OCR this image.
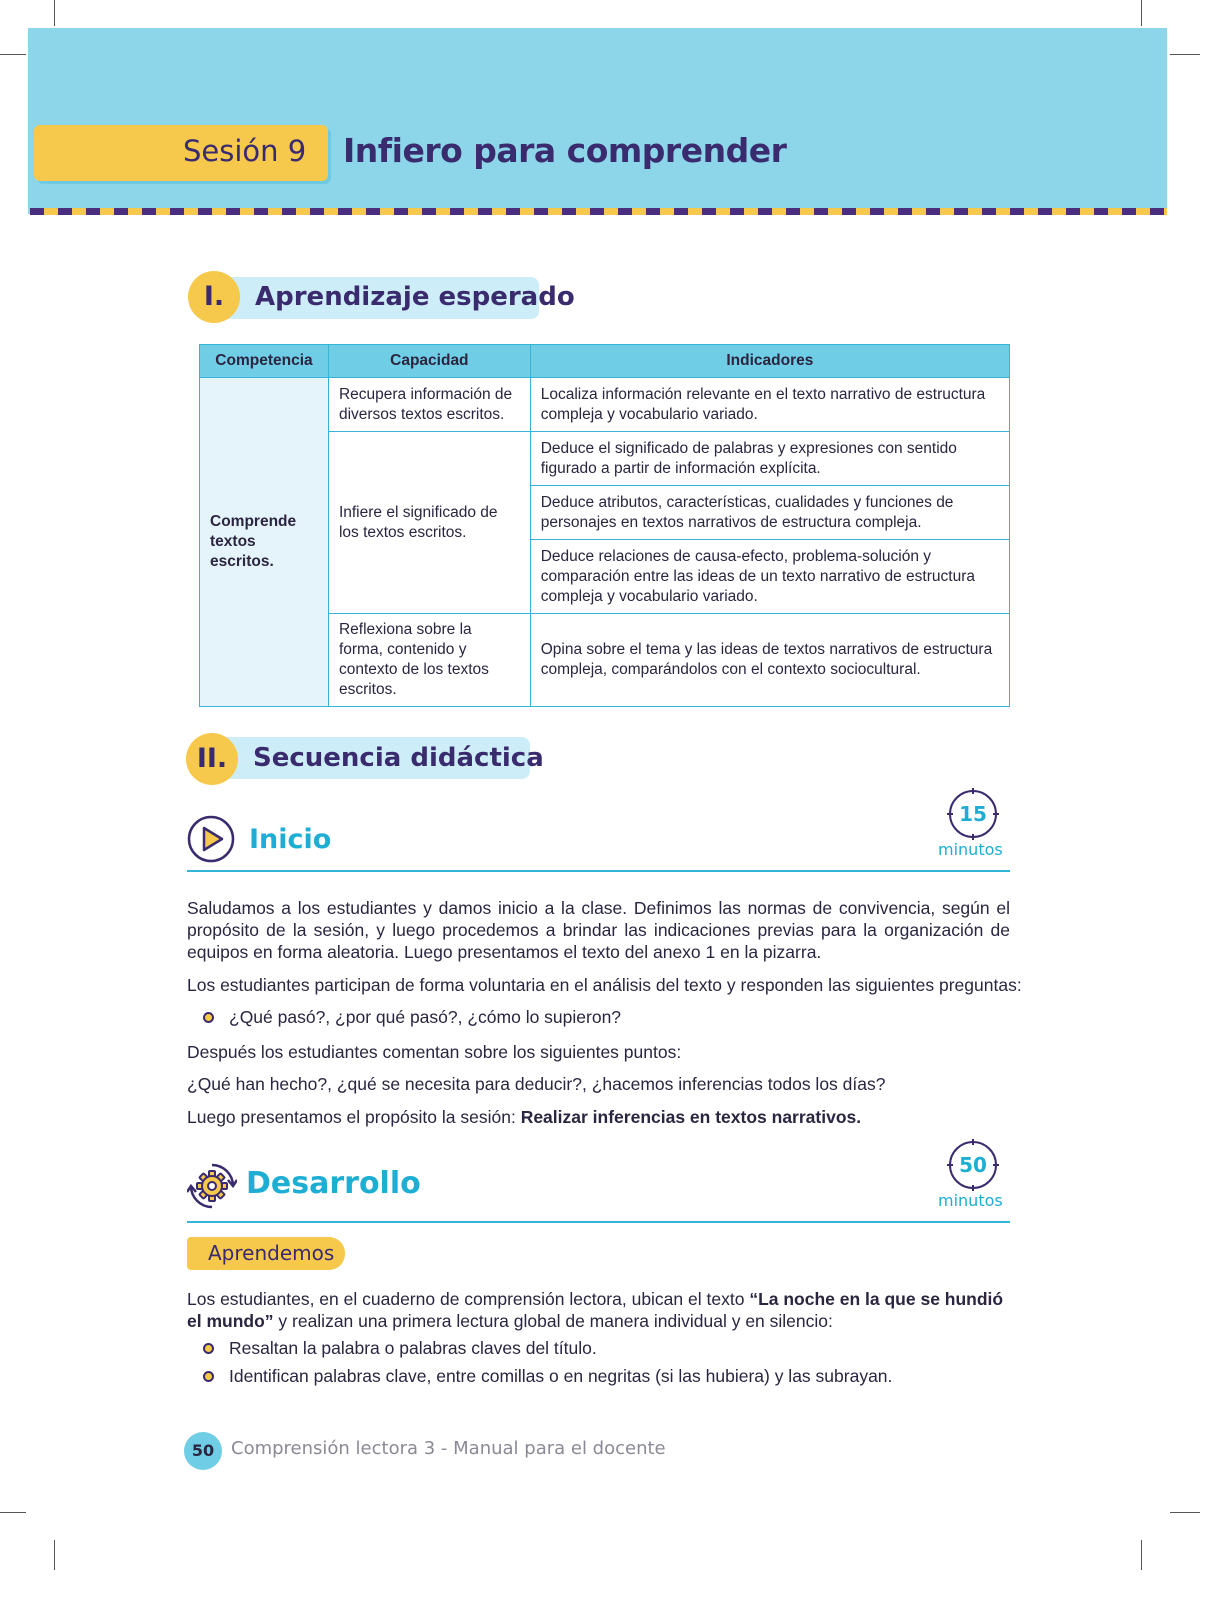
Sesión 9 Infiero para comprender
I.	Aprendizaje esperado
Competencia	Capacidad	Indicadores
Comprende textos escritos.	Recupera información de diversos textos escritos.	Localiza información relevante en el texto narrativo de estructura compleja y vocabulario variado.
	Infiere el significado de los textos escritos.	Deduce el significado de palabras y expresiones con sentido figurado a partir de información explícita.
		Deduce atributos, características, cualidades y funciones de personajes en textos narrativos de estructura compleja.
		Deduce relaciones de causa-efecto, problema-solución y comparación entre las ideas de un texto narrativo de estructura compleja y vocabulario variado.
	Reflexiona sobre la forma, contenido y contexto de los textos escritos.	Opina sobre el tema y las ideas de textos narrativos de estructura compleja, comparándolos con el contexto sociocultural.
II. Secuencia didáctica
Inicio
15
minutos
Saludamos a los estudiantes y damos inicio a la clase. Definimos las normas de convivencia, según el propósito de la sesión, y luego procedemos a brindar las indicaciones previas para la organización de equipos en forma aleatoria. Luego presentamos el texto del anexo 1 en la pizarra.
Los estudiantes participan de forma voluntaria en el análisis del texto y responden las siguientes preguntas:
¿Qué pasó?, ¿por qué pasó?, ¿cómo lo supieron?
Después los estudiantes comentan sobre los siguientes puntos:
¿Qué han hecho?, ¿qué se necesita para deducir?, ¿hacemos inferencias todos los días?
Luego presentamos el propósito la sesión: Realizar inferencias en textos narrativos.
Desarrollo
50
minutos
Aprendemos
Los estudiantes, en el cuaderno de comprensión lectora, ubican el texto “La noche en la que se hundió el mundo” y realizan una primera lectura global de manera individual y en silencio:
Resaltan la palabra o palabras claves del título.
Identifican palabras clave, entre comillas o en negritas (si las hubiera) y las subrayan.
50 Comprensión lectora 3 - Manual para el docente
